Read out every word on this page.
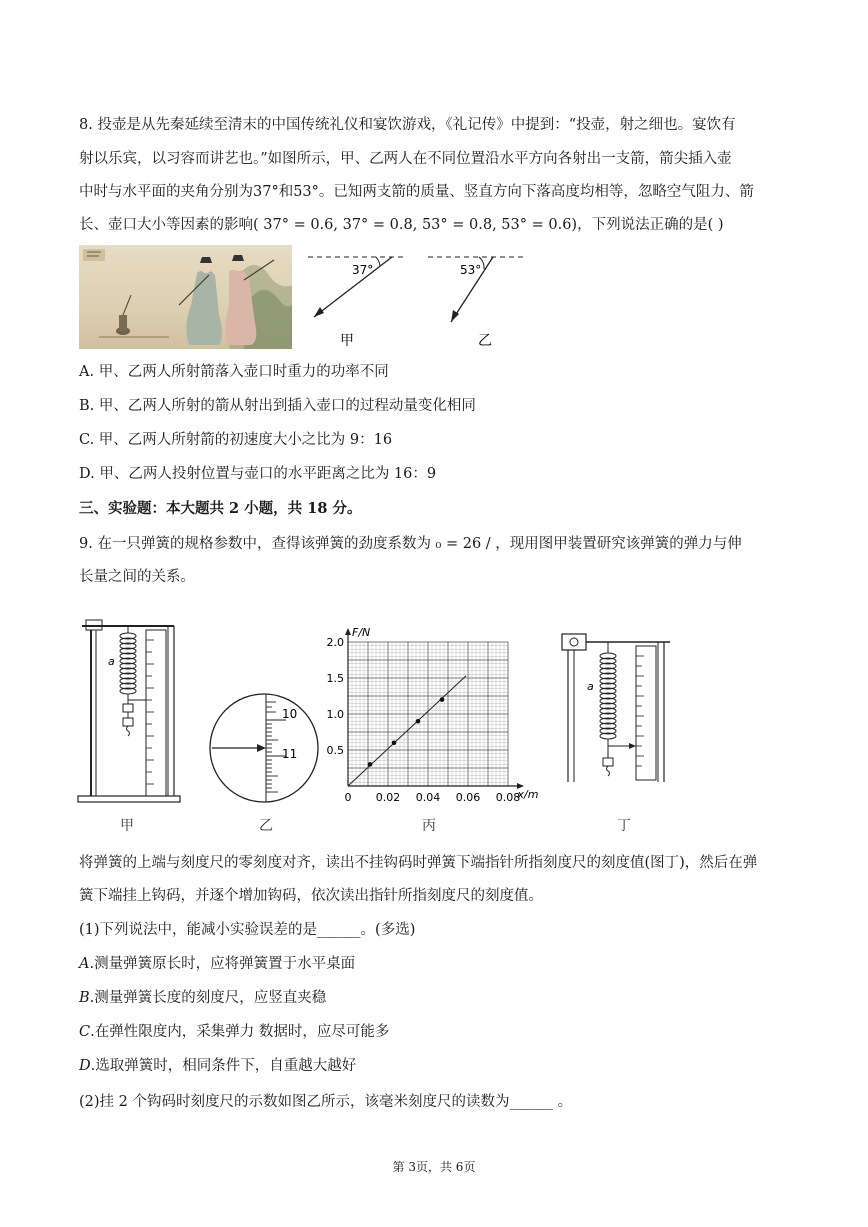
8. 投壶是从先秦延续至清末的中国传统礼仪和宴饮游戏，《礼记传》中提到：“投壶，射之细也。宴饮有
射以乐宾，以习容而讲艺也。”如图所示，甲、乙两人在不同位置沿水平方向各射出一支箭，箭尖插入壶
中时与水平面的夹角分别为37°和53°。已知两支箭的质量、竖直方向下落高度均相等，忽略空气阻力、箭
长、壶口大小等因素的影响( 37° = 0.6, 37° = 0.8, 53° = 0.8, 53° = 0.6)，下列说法正确的是( )
37°	53°
甲	乙
A. 甲、乙两人所射箭落入壶口时重力的功率不同
B. 甲、乙两人所射的箭从射出到插入壶口的过程动量变化相同
C. 甲、乙两人所射箭的初速度大小之比为 9：16
D. 甲、乙两人投射位置与壶口的水平距离之比为 16：9
三、实验题：本大题共 2 小题，共 18 分。
9. 在一只弹簧的规格参数中，查得该弹簧的劲度系数为 ₀ = 26 / ，现用图甲装置研究该弹簧的弹力与伸
长量之间的关系。
a
甲
10
11
乙
0 0.02 0.04 0.06 0.08
0.5
1.0
1.5
2.0
x/m
F/N
丙
a
丁
将弹簧的上端与刻度尺的零刻度对齐，读出不挂钩码时弹簧下端指针所指刻度尺的刻度值(图丁)，然后在弹
簧下端挂上钩码，并逐个增加钩码，依次读出指针所指刻度尺的刻度值。
(1)下列说法中，能减小实验误差的是______。(多选)
A.测量弹簧原长时，应将弹簧置于水平桌面
B.测量弹簧长度的刻度尺，应竖直夹稳
C.在弹性限度内，采集弹力 数据时，应尽可能多
D.选取弹簧时，相同条件下，自重越大越好
(2)挂 2 个钩码时刻度尺的示数如图乙所示，该毫米刻度尺的读数为______ 。
第 3页，共 6页
